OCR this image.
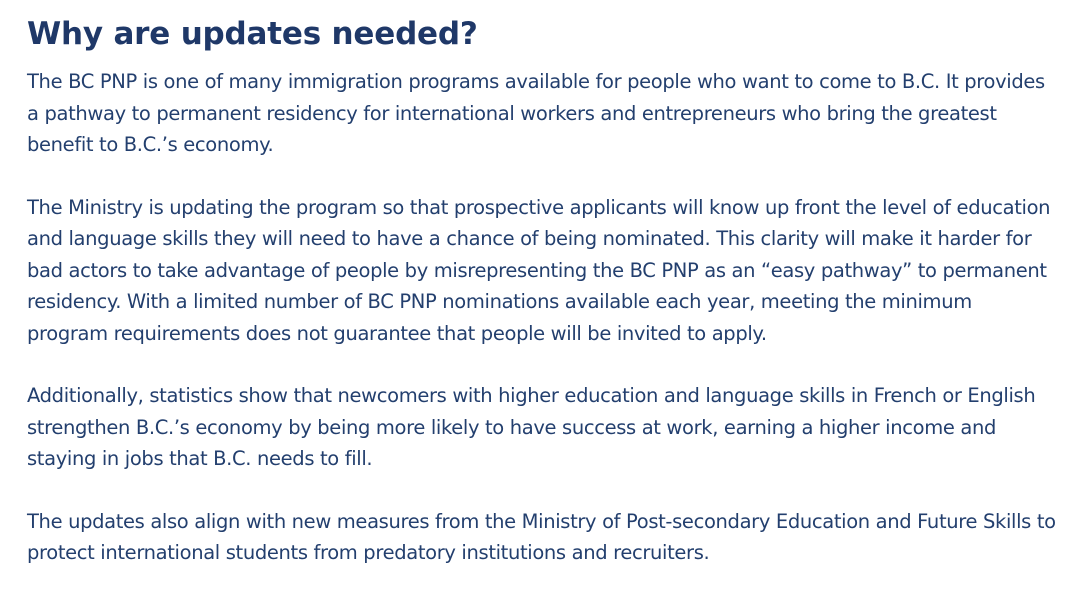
Why are updates needed?

The BC PNP is one of many immigration programs available for people who want to come to B.C. It provides a pathway to permanent residency for international workers and entrepreneurs who bring the greatest benefit to B.C.’s economy.

The Ministry is updating the program so that prospective applicants will know up front the level of education and language skills they will need to have a chance of being nominated. This clarity will make it harder for bad actors to take advantage of people by misrepresenting the BC PNP as an “easy pathway” to permanent residency. With a limited number of BC PNP nominations available each year, meeting the minimum program requirements does not guarantee that people will be invited to apply.

Additionally, statistics show that newcomers with higher education and language skills in French or English strengthen B.C.’s economy by being more likely to have success at work, earning a higher income and staying in jobs that B.C. needs to fill.

The updates also align with new measures from the Ministry of Post-secondary Education and Future Skills to protect international students from predatory institutions and recruiters.
